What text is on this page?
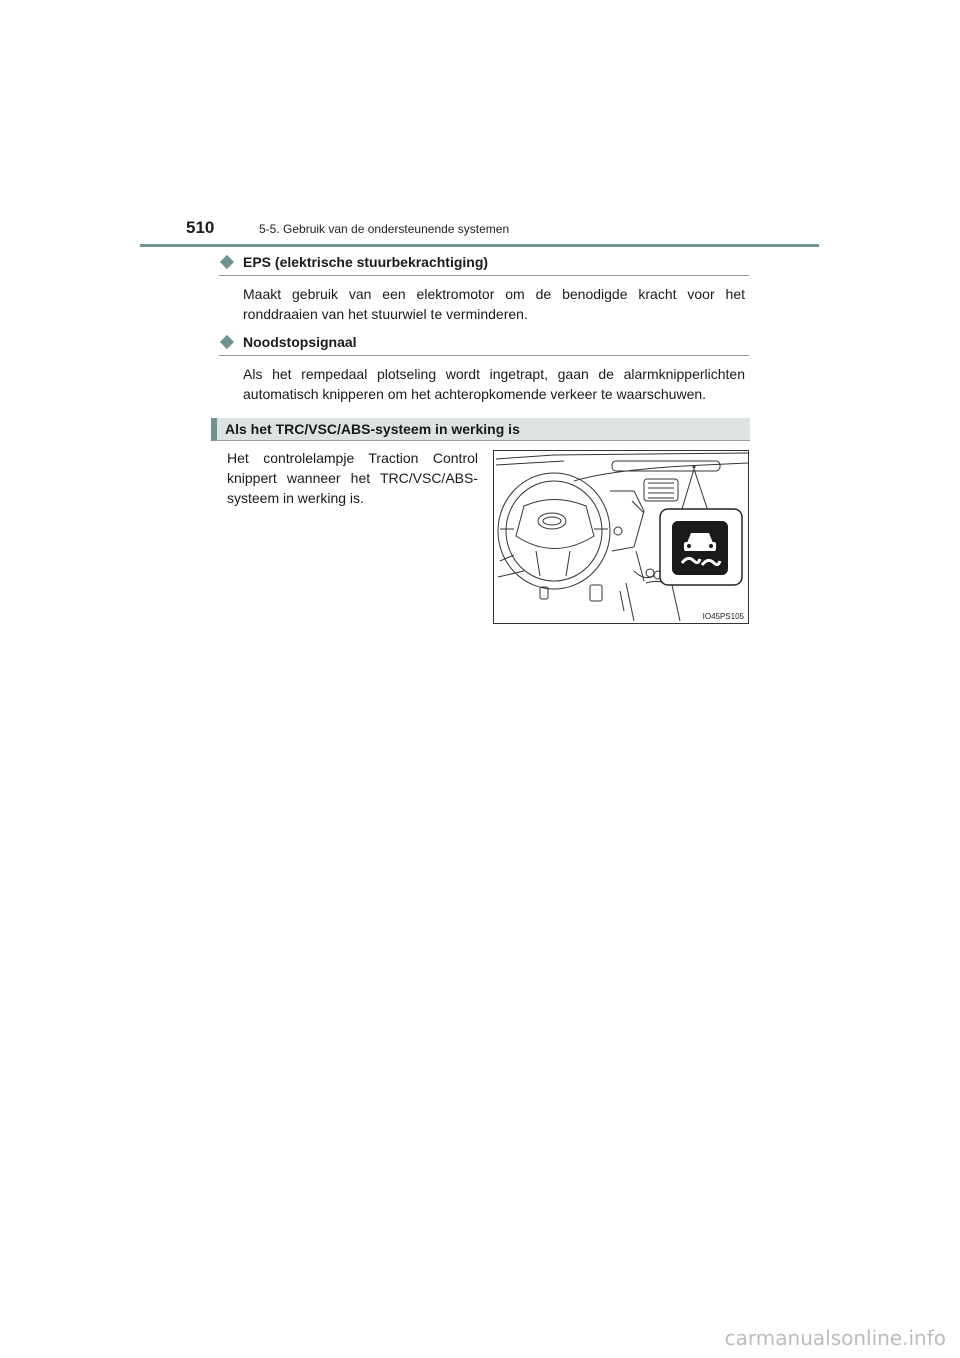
510	5-5. Gebruik van de ondersteunende systemen
EPS (elektrische stuurbekrachtiging)

Maakt gebruik van een elektromotor om de benodigde kracht voor het ronddraaien van het stuurwiel te verminderen.

Noodstopsignaal

Als het rempedaal plotseling wordt ingetrapt, gaan de alarmknipperlichten automatisch knipperen om het achteropkomende verkeer te waarschuwen.

Als het TRC/VSC/ABS-systeem in werking is

Het controlelampje Traction Control knippert wanneer het TRC/VSC/ABS-systeem in werking is.

IO45PS105
carmanualsonline.info
